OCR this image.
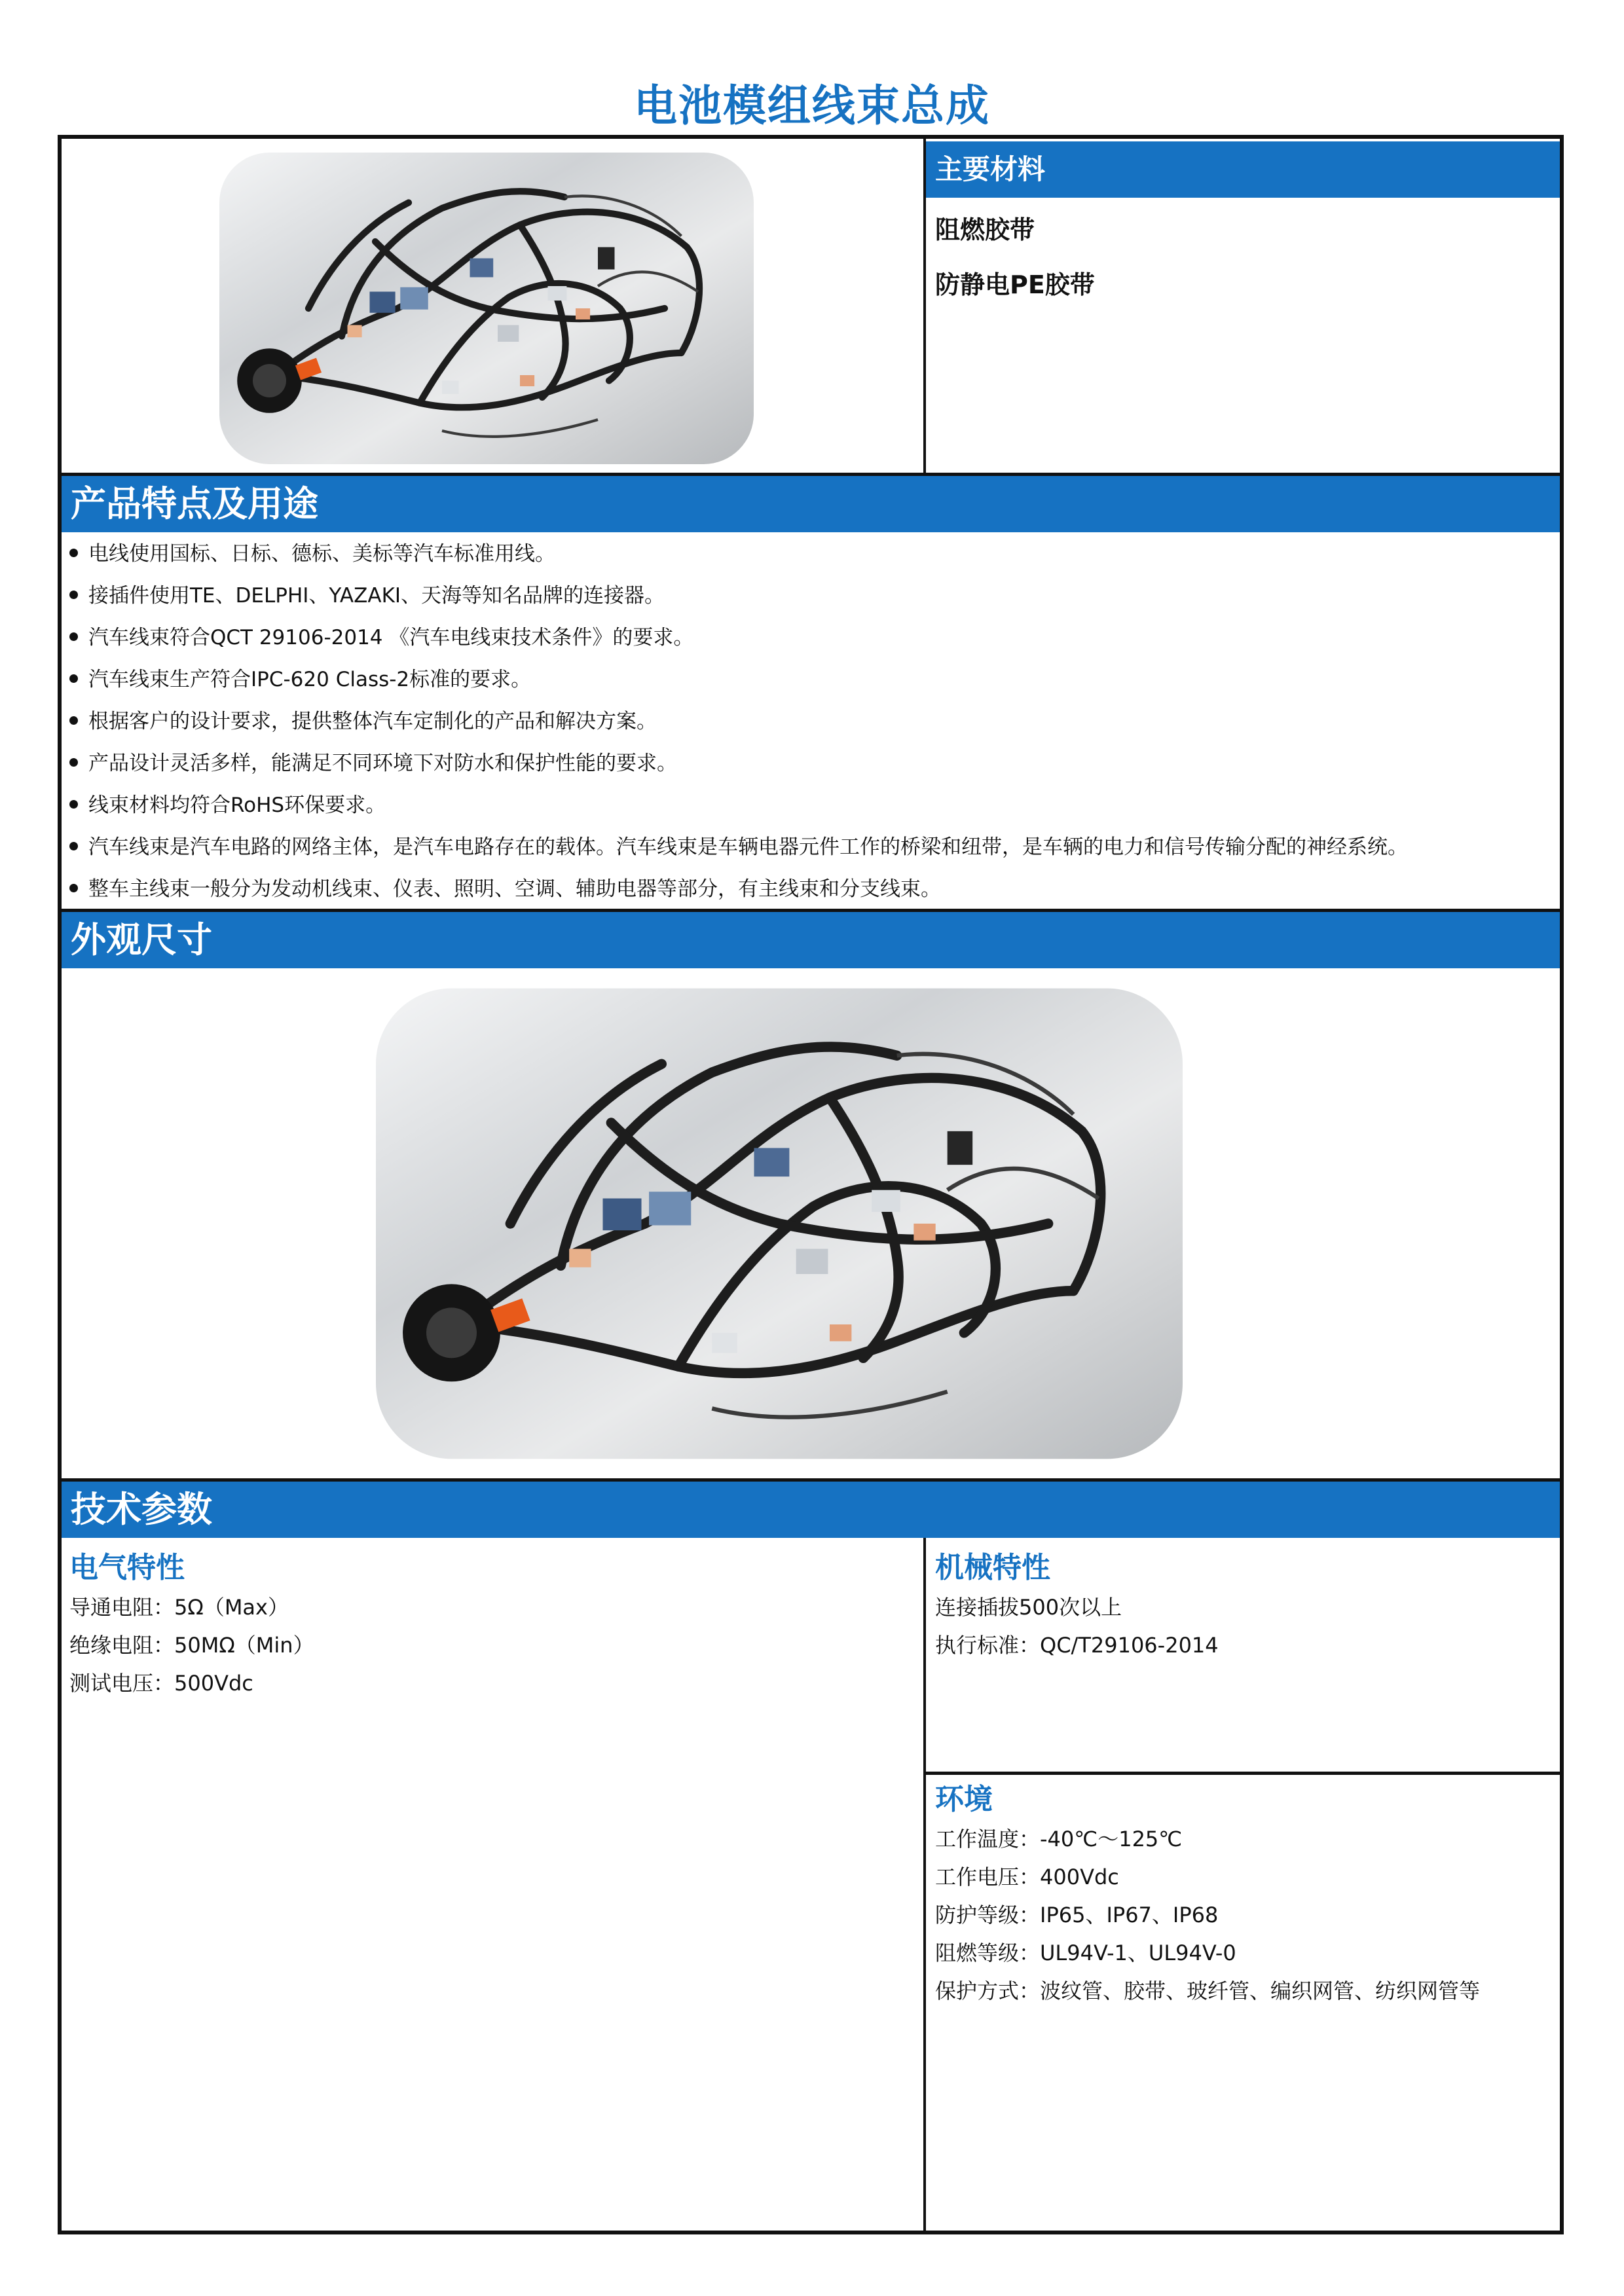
电池模组线束总成
主要材料
阻燃胶带
防静电PE胶带
产品特点及用途
电线使用国标、日标、德标、美标等汽车标准用线。
接插件使用TE、DELPHI、YAZAKI、天海等知名品牌的连接器。
汽车线束符合QCT 29106-2014 《汽车电线束技术条件》的要求。
汽车线束生产符合IPC-620 Class-2标准的要求。
根据客户的设计要求，提供整体汽车定制化的产品和解决方案。
产品设计灵活多样，能满足不同环境下对防水和保护性能的要求。
线束材料均符合RoHS环保要求。
汽车线束是汽车电路的网络主体，是汽车电路存在的载体。汽车线束是车辆电器元件工作的桥梁和纽带，是车辆的电力和信号传输分配的神经系统。
整车主线束一般分为发动机线束、仪表、照明、空调、辅助电器等部分，有主线束和分支线束。
外观尺寸
技术参数
电气特性
导通电阻：5Ω（Max）
绝缘电阻：50MΩ（Min）
测试电压：500Vdc
机械特性
连接插拔500次以上
执行标准：QC/T29106-2014
环境
工作温度：-40℃～125℃
工作电压：400Vdc
防护等级：IP65、IP67、IP68
阻燃等级：UL94V-1、UL94V-0
保护方式：波纹管、胶带、玻纤管、编织网管、纺织网管等
